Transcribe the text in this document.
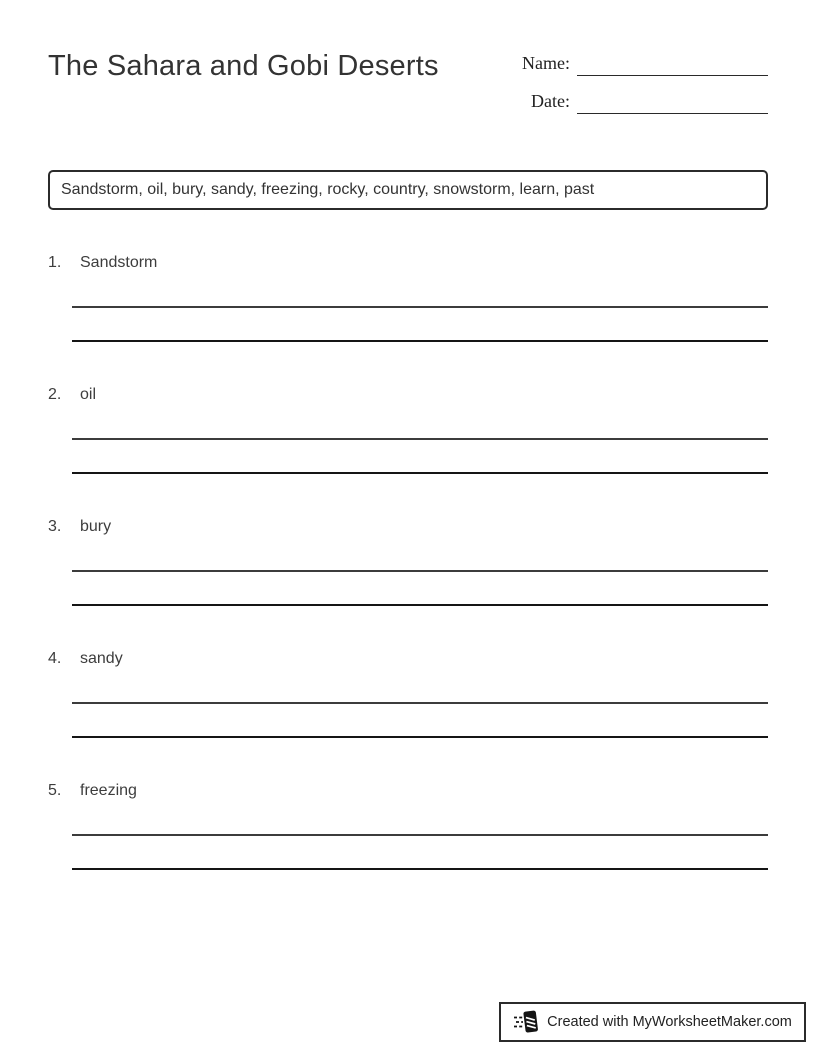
The Sahara and Gobi Deserts	Name:
Date:
Sandstorm, oil, bury, sandy, freezing, rocky, country, snowstorm, learn, past
1.	Sandstorm
2.	oil
3.	bury
4.	sandy
5.	freezing
Created with MyWorksheetMaker.com
